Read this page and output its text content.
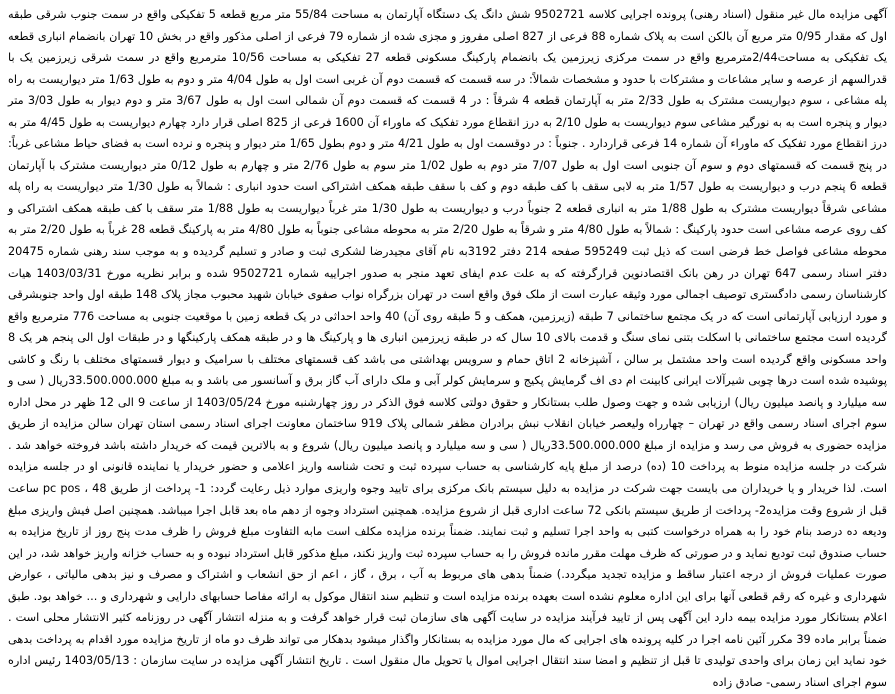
آگهی مزایده مال غیر منقول (اسناد رهنی) پرونده اجرایی کلاسه 9502721 شش دانگ یک دستگاه آپارتمان به مساحت 55/84 متر مربع قطعه 5 تفکیکی واقع در سمت جنوب شرقی طبقه اول که مقدار 0/95 متر مربع آن بالکن است به پلاک شماره 88 فرعی از 827 اصلی مفروز و مجزی شده از شماره 79 فرعی از اصلی مذکور واقع در بخش 10 تهران بانضمام انباری قطعه یک تفکیکی به مساحت2/44مترمربع واقع در سمت مرکزی زیرزمین یک بانضمام پارکینگ مسکونی قطعه 27 تفکیکی به مساحت 10/56 مترمربع واقع در سمت شرقی زیرزمین یک با قدرالسهم از عرصه و سایر مشاعات و مشترکات با حدود و مشخصات شمالاً: در سه قسمت که قسمت دوم آن غربی است اول به طول 4/04 متر و دوم به طول 1/63 متر دیواریست به راه پله مشاعی ، سوم دیواریست مشترک به طول 2/33 متر به آپارتمان قطعه 4 شرقاً : در 4 قسمت که قسمت دوم آن شمالی است اول به طول 3/67 متر و دوم دیوار به طول 3/03 متر دیوار و پنجره است به به نورگیر مشاعی سوم دیواریست به طول 2/10 به درز انقطاع مورد تفکیک که ماوراء آن 1600 فرعی از 825 اصلی قرار دارد چهارم دیواریست به طول 4/45 متر به درز انقطاع مورد تفکیک که ماوراء آن شماره 14 فرعی قراردارد . جنوباً : در دوقسمت اول به طول 4/21 متر و دوم بطول 1/65 متر دیوار و پنجره و نرده است به فضای حیاط مشاعی غرباً: در پنج قسمت که قسمتهای دوم و سوم آن جنوبی است اول به طول 7/07 متر دوم به طول 1/02 متر سوم به طول 2/76 متر و چهارم به طول 0/12 متر دیواریست مشترک با آپارتمان قطعه 6 پنجم درب و دیواریست به طول 1/57 متر به لابی سقف با کف طبقه دوم و کف با سقف طبقه همکف اشتراکی است حدود انباری : شمالاً به طول 1/30 متر دیواریست به راه پله مشاعی شرقاً دیواریست مشترک به طول 1/88 متر به انباری قطعه 2 جنوباً درب و دیواریست به طول 1/30 متر غرباً دیواریست به طول 1/88 متر سقف با کف طبقه همکف اشتراکی و کف روی عرصه مشاعی است حدود پارکینگ : شمالاً به طول 4/80 متر و شرقاً به طول 2/20 متر به محوطه مشاعی جنوباً به طول 4/80 متر به پارکینگ قطعه 28 غرباً به طول 2/20 متر به محوطه مشاعی فواصل خط فرضی است که ذیل ثبت 595249 صفحه 214 دفتر 3192به نام آقای مجیدرضا لشکری ثبت و صادر و تسلیم گردیده و به موجب سند رهنی شماره 20475 دفتر اسناد رسمی 647 تهران در رهن بانک اقتصادنوین قرارگرفته که به علت عدم ایفای تعهد منجر به صدور اجراییه شماره 9502721 شده و برابر نظریه مورخ 1403/03/31 هیات کارشناسان رسمی دادگستری توصیف اجمالی مورد وثیقه عبارت است از ملک فوق واقع است در تهران بزرگراه نواب صفوی خیابان شهید محبوب مجاز پلاک 148 طبقه اول واحد جنوبشرقی و مورد ارزیابی آپارتمانی است که در یک مجتمع ساختمانی 7 طبقه (زیرزمین، همکف و 5 طبقه روی آن) 40 واحد احداثی در یک قطعه زمین با موقعیت جنوبی به مساحت 776 مترمربع واقع گردیده است مجتمع ساختمانی با اسکلت بتنی نمای سنگ و قدمت بالای 10 سال که در طبقه زیرزمین انباری ها و پارکینگ ها و در طبقه همکف پارکینگها و در طبقات اول الی پنجم هر یک 8 واحد مسکونی واقع گردیده است واحد مشتمل بر سالن ، آشپزخانه 2 اتاق حمام و سرویس بهداشتی می باشد کف قسمتهای مختلف با سرامیک و دیوار قسمتهای مختلف با رنگ و کاشی پوشیده شده است درها چوبی شیرآلات ایرانی کابینت ام دی اف گرمایش پکیج و سرمایش کولر آبی و ملک دارای آب گاز برق و آسانسور می باشد و به مبلغ 33.500.000.000ریال ( سی و سه میلیارد و پانصد میلیون ریال) ارزیابی شده و جهت وصول طلب بستانکار و حقوق دولتی کلاسه فوق الذکر در روز چهارشنبه مورخ 1403/05/24 از ساعت 9 الی 12 ظهر در محل اداره سوم اجرای اسناد رسمی واقع در تهران – چهارراه ولیعصر خیابان انقلاب نبش برادران مظفر شمالی پلاک 919 ساختمان معاونت اجرای اسناد رسمی استان تهران سالن مزایده از طریق مزایده حضوری به فروش می رسد و مزایده از مبلغ 33.500.000.000ریال ( سی و سه میلیارد و پانصد میلیون ریال) شروع و به بالاترین قیمت که خریدار داشته باشد فروخته خواهد شد . شرکت در جلسه مزایده منوط به پرداخت 10 (ده) درصد از مبلغ پایه کارشناسی به حساب سپرده ثبت و تحت شناسه واریز اعلامی و حضور خریدار یا نماینده قانونی او در جلسه مزایده است. لذا خریدار و یا خریداران می بایست جهت شرکت در مزایده به دلیل سیستم بانک مرکزی برای تایید وجوه واریزی موارد ذیل رعایت گردد: 1- پرداخت از طریق pc pos ، 48 ساعت قبل از شروع وقت مزایده2- پرداخت از طریق سیستم بانکی 72 ساعت اداری قبل از شروع مزایده. همچنین استرداد وجوه از دهم ماه بعد قابل اجرا میباشد. همچنین اصل فیش واریزی مبلغ ودیعه ده درصد بنام خود را به همراه درخواست کتبی به واحد اجرا تسلیم و ثبت نمایند. ضمناً برنده مزایده مکلف است مابه التفاوت مبلغ فروش را ظرف مدت پنج روز از تاریخ مزایده به حساب صندوق ثبت تودیع نماید و در صورتی که ظرف مهلت مقرر مانده فروش را به حساب سپرده ثبت واریز نکند، مبلغ مذکور قابل استرداد نبوده و به حساب خزانه واریز خواهد شد، در این صورت عملیات فروش از درجه اعتبار ساقط و مزایده تجدید میگردد.) ضمناً بدهی های مربوط به آب ، برق ، گاز ، اعم از حق انشعاب و اشتراک و مصرف و نیز بدهی مالیاتی ، عوارض شهرداری و غیره که رقم قطعی آنها برای این اداره معلوم نشده است بعهده برنده مزایده است و تنظیم سند انتقال موکول به ارائه مفاصا حسابهای دارایی و شهرداری و ... خواهد بود. طبق اعلام بستانکار مورد مزایده بیمه دارد این آگهی پس از تایید فرآیند مزایده در سایت آگهی های سازمان ثبت قرار خواهد گرفت و به منزله انتشار آگهی در روزنامه کثیر الانتشار محلی است . ضمناً برابر ماده 39 مکرر آئین نامه اجرا در کلیه پرونده های اجرایی که مال مورد مزایده به بستانکار واگذار میشود بدهکار می تواند ظرف دو ماه از تاریخ مزایده مورد اقدام به پرداخت بدهی خود نماید این زمان برای واحدی تولیدی تا قبل از تنظیم و امضا سند انتقال اجرایی اموال یا تحویل مال منقول است . تاریخ انتشار آگهی مزایده در سایت سازمان : 1403/05/13 رئیس اداره سوم اجرای اسناد رسمی- صادق زاده
